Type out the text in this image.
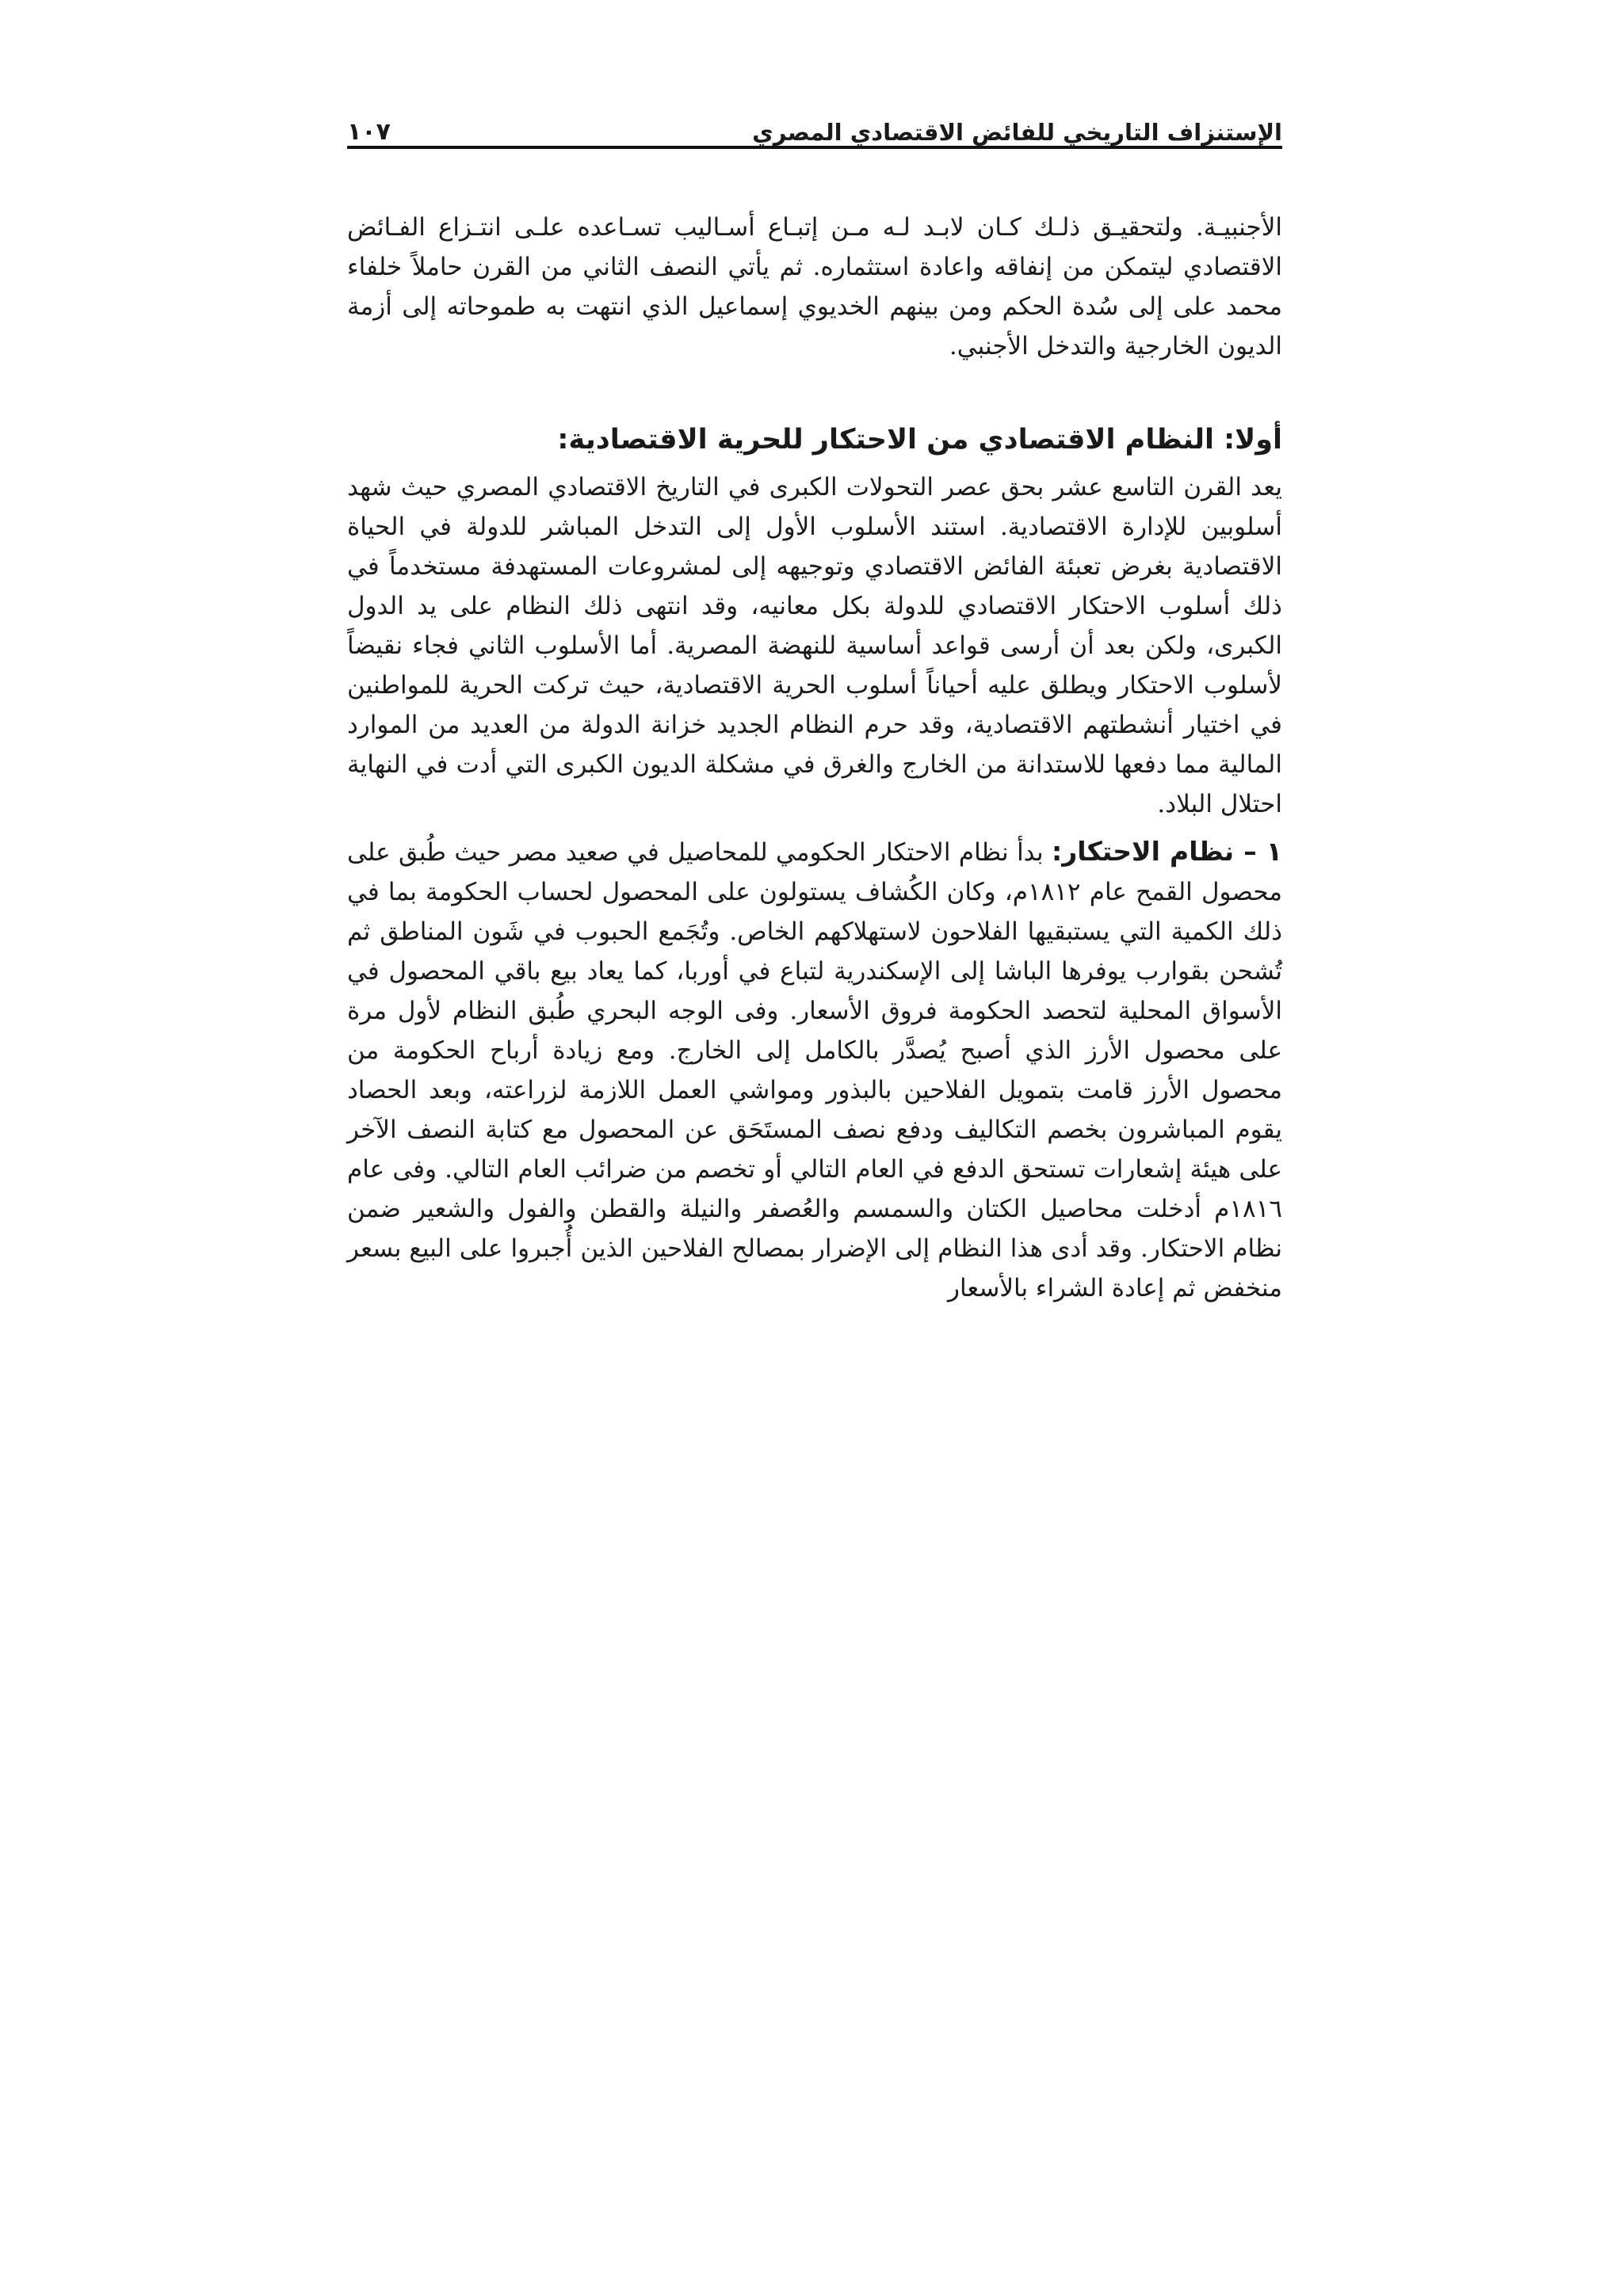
الإستنزاف التاريخي للفائض الاقتصادي المصري
١٠٧

الأجنبيـة. ولتحقيـق ذلـك كـان لابـد لـه مـن إتبـاع أسـاليب تسـاعده علـى انتـزاع الفـائض الاقتصادي ليتمكن من إنفاقه واعادة استثماره. ثم يأتي النصف الثاني من القرن حاملاً خلفاء محمد على إلى سُدة الحكم ومن بينهم الخديوي إسماعيل الذي انتهت به طموحاته إلى أزمة الديون الخارجية والتدخل الأجنبي.

أولا: النظام الاقتصادي من الاحتكار للحرية الاقتصادية:

يعد القرن التاسع عشر بحق عصر التحولات الكبرى في التاريخ الاقتصادي المصري حيث شهد أسلوبين للإدارة الاقتصادية. استند الأسلوب الأول إلى التدخل المباشر للدولة في الحياة الاقتصادية بغرض تعبئة الفائض الاقتصادي وتوجيهه إلى لمشروعات المستهدفة مستخدماً في ذلك أسلوب الاحتكار الاقتصادي للدولة بكل معانيه، وقد انتهى ذلك النظام على يد الدول الكبرى، ولكن بعد أن أرسى قواعد أساسية للنهضة المصرية. أما الأسلوب الثاني فجاء نقيضاً لأسلوب الاحتكار ويطلق عليه أحياناً أسلوب الحرية الاقتصادية، حيث تركت الحرية للمواطنين في اختيار أنشطتهم الاقتصادية، وقد حرم النظام الجديد خزانة الدولة من العديد من الموارد المالية مما دفعها للاستدانة من الخارج والغرق في مشكلة الديون الكبرى التي أدت في النهاية احتلال البلاد.

١ – نظام الاحتكار: بدأ نظام الاحتكار الحكومي للمحاصيل في صعيد مصر حيث طُبق على محصول القمح عام ١٨١٢م، وكان الكُشاف يستولون على المحصول لحساب الحكومة بما في ذلك الكمية التي يستبقيها الفلاحون لاستهلاكهم الخاص. وتُجَمع الحبوب في شَون المناطق ثم تُشحن بقوارب يوفرها الباشا إلى الإسكندرية لتباع في أوربا، كما يعاد بيع باقي المحصول في الأسواق المحلية لتحصد الحكومة فروق الأسعار. وفى الوجه البحري طُبق النظام لأول مرة على محصول الأرز الذي أصبح يُصدَّر بالكامل إلى الخارج. ومع زيادة أرباح الحكومة من محصول الأرز قامت بتمويل الفلاحين بالبذور ومواشي العمل اللازمة لزراعته، وبعد الحصاد يقوم المباشرون بخصم التكاليف ودفع نصف المستَحَق عن المحصول مع كتابة النصف الآخر على هيئة إشعارات تستحق الدفع في العام التالي أو تخصم من ضرائب العام التالي. وفى عام ١٨١٦م أدخلت محاصيل الكتان والسمسم والعُصفر والنيلة والقطن والفول والشعير ضمن نظام الاحتكار. وقد أدى هذا النظام إلى الإضرار بمصالح الفلاحين الذين أُجبروا على البيع بسعر منخفض ثم إعادة الشراء بالأسعار
